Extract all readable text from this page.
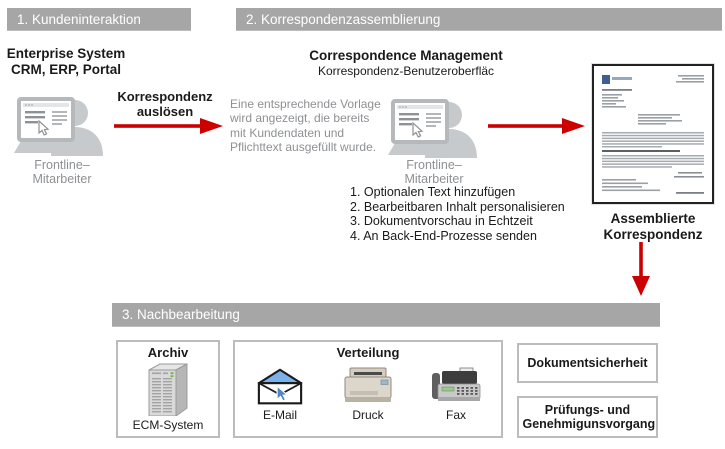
1. Kundeninteraktion	2. Korrespondenzassemblierung
3. Nachbearbeitung
Enterprise System
CRM, ERP, Portal
Frontline–Mitarbeiter
Korrespondenz
auslösen
Correspondence Management
Korrespondenz-Benutzeroberfläc
Eine entsprechende Vorlage wird angezeigt, die bereits mit Kundendaten und Pflichttext ausgefüllt wurde.
Frontline–Mitarbeiter
1. Optionalen Text hinzufügen
2. Bearbeitbaren Inhalt personalisieren
3. Dokumentvorschau in Echtzeit
4. An Back-End-Prozesse senden
Assemblierte
Korrespondenz
Archiv
ECM-System
Verteilung
E-Mail	Druck	Fax
Dokumentsicherheit
Prüfungs- und Genehmigunsvorgang
